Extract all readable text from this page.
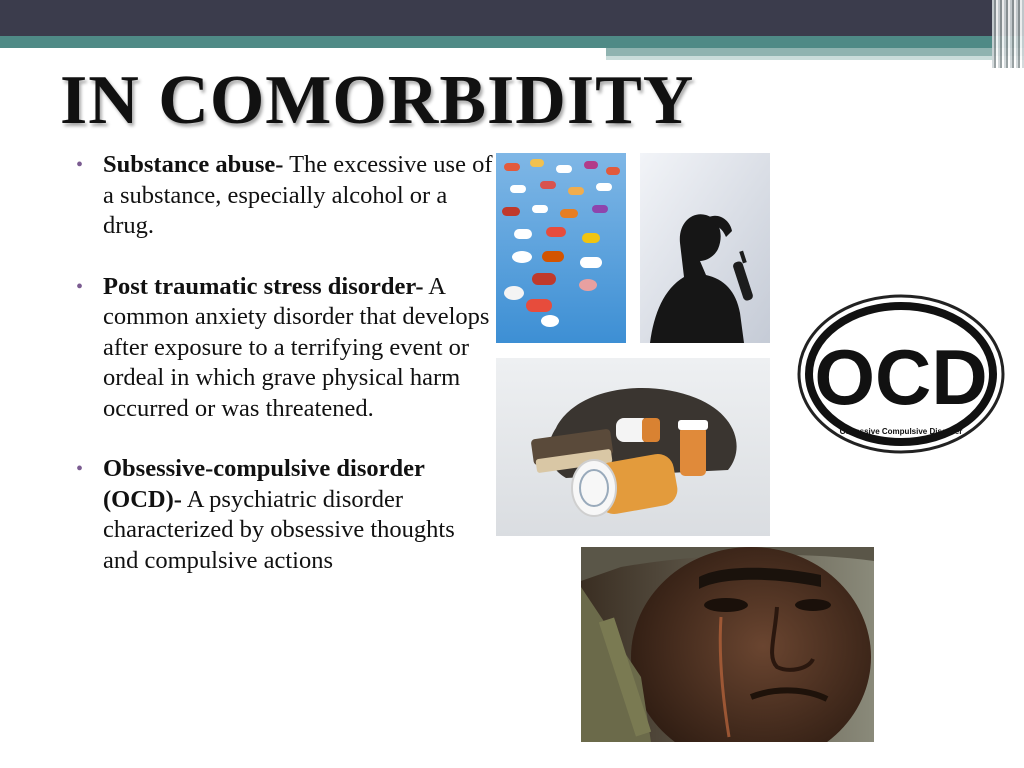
IN COMORBIDITY
• Substance abuse- The excessive use of a substance, especially alcohol or a drug.
• Post traumatic stress disorder- A common anxiety disorder that develops after exposure to a terrifying event or ordeal in which grave physical harm occurred or was threatened.
• Obsessive-compulsive disorder (OCD)- A psychiatric disorder characterized by obsessive thoughts and compulsive actions
OCD
Obsessive Compulsive Disorder
